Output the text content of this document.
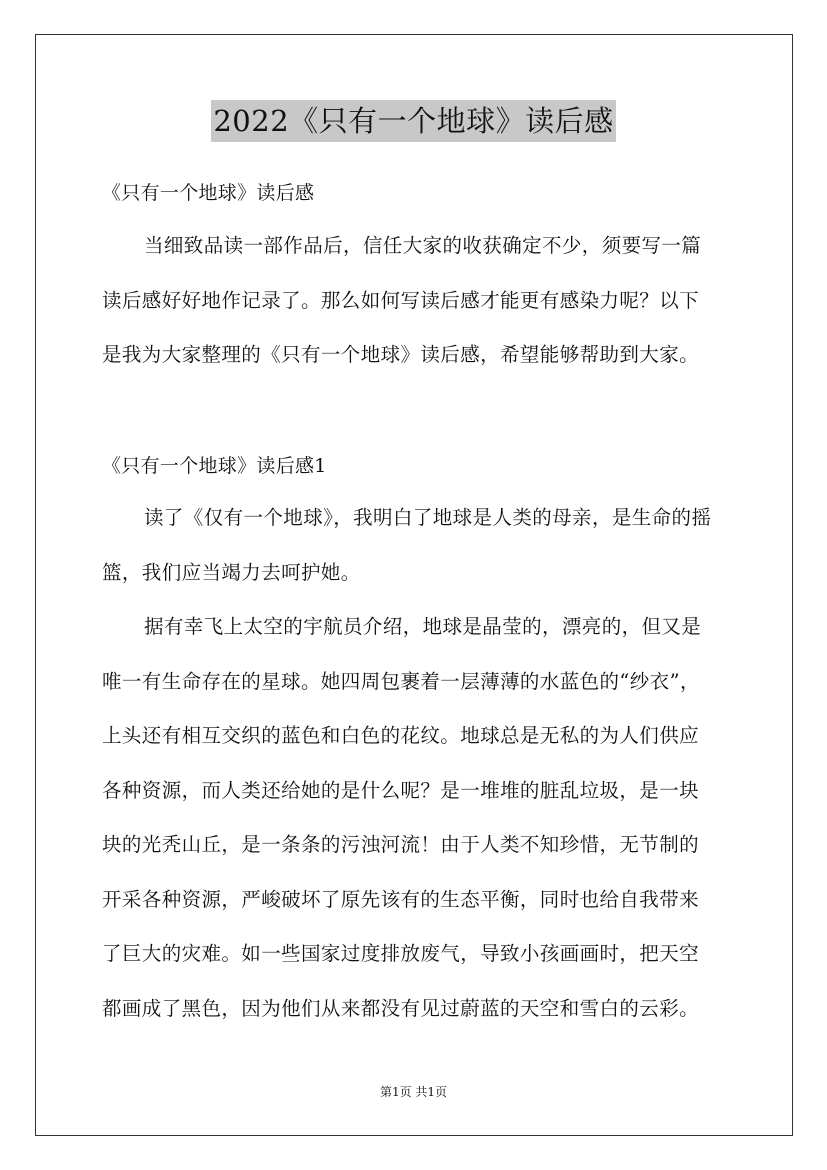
2022《只有一个地球》读后感
《只有一个地球》读后感
当细致品读一部作品后，信任大家的收获确定不少，须要写一篇
读后感好好地作记录了。那么如何写读后感才能更有感染力呢？以下
是我为大家整理的《只有一个地球》读后感，希望能够帮助到大家。
《只有一个地球》读后感1
读了《仅有一个地球》，我明白了地球是人类的母亲，是生命的摇
篮，我们应当竭力去呵护她。
据有幸飞上太空的宇航员介绍，地球是晶莹的，漂亮的，但又是
唯一有生命存在的星球。她四周包裹着一层薄薄的水蓝色的“纱衣”，
上头还有相互交织的蓝色和白色的花纹。地球总是无私的为人们供应
各种资源，而人类还给她的是什么呢？是一堆堆的脏乱垃圾，是一块
块的光秃山丘，是一条条的污浊河流！由于人类不知珍惜，无节制的
开采各种资源，严峻破坏了原先该有的生态平衡，同时也给自我带来
了巨大的灾难。如一些国家过度排放废气，导致小孩画画时，把天空
都画成了黑色，因为他们从来都没有见过蔚蓝的天空和雪白的云彩。
第1页 共1页
